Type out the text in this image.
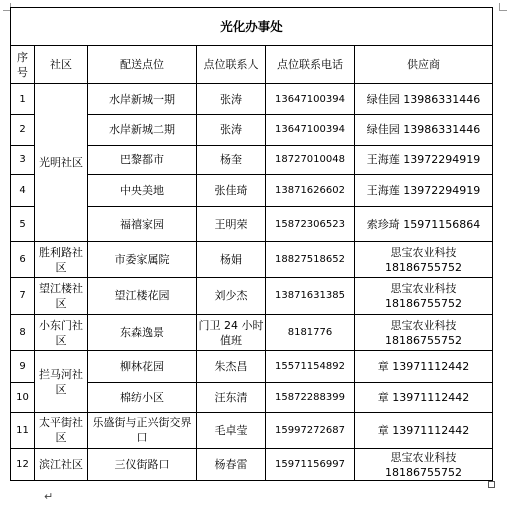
光化办事处					
序号	社区	配送点位	点位联系人	点位联系电话	供应商
1	光明社区	水岸新城一期	张涛	13647100394	绿佳园 13986331446
2		水岸新城二期	张涛	13647100394	绿佳园 13986331446
3		巴黎都市	杨奎	18727010048	王海莲 13972294919
4		中央美地	张佳琦	13871626602	王海莲 13972294919
5		福禧家园	王明荣	15872306523	索珍琦 15971156864
6	胜利路社区	市委家属院	杨娟	18827518652	思宝农业科技 18186755752
7	望江楼社区	望江楼花园	刘少杰	13871631385	思宝农业科技 18186755752
8	小东门社区	东森逸景	门卫 24 小时值班	8181776	思宝农业科技 18186755752
9	拦马河社区	柳林花园	朱杰昌	15571154892	章 13971112442
10		棉纺小区	汪东清	15872288399	章 13971112442
11	太平街社区	乐盛街与正兴街交界口	毛卓莹	15997272687	章 13971112442
12	滨江社区	三仪街路口	杨春雷	15971156997	思宝农业科技 18186755752
↵
